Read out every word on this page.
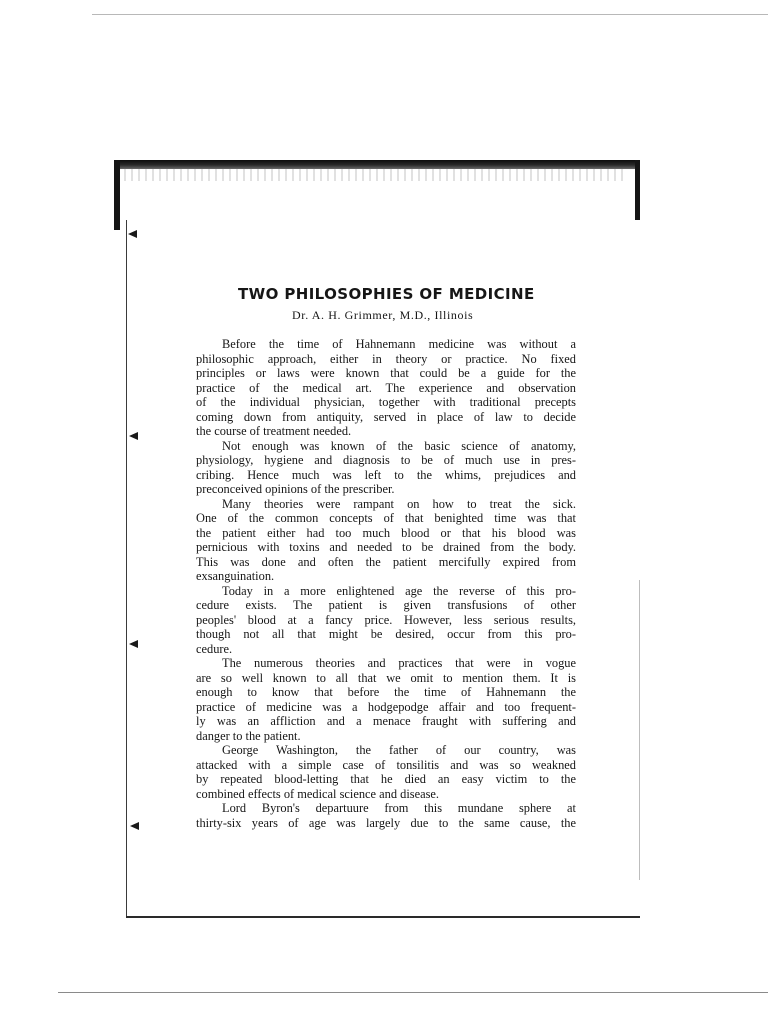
TWO PHILOSOPHIES OF MEDICINE
Dr. A. H. Grimmer, M.D., Illinois
Before the time of Hahnemann medicine was without a
philosophic approach, either in theory or practice. No fixed
principles or laws were known that could be a guide for the
practice of the medical art. The experience and observation
of the individual physician, together with traditional precepts
coming down from antiquity, served in place of law to decide
the course of treatment needed.
Not enough was known of the basic science of anatomy,
physiology, hygiene and diagnosis to be of much use in pres-
cribing. Hence much was left to the whims, prejudices and
preconceived opinions of the prescriber.
Many theories were rampant on how to treat the sick.
One of the common concepts of that benighted time was that
the patient either had too much blood or that his blood was
pernicious with toxins and needed to be drained from the body.
This was done and often the patient mercifully expired from
exsanguination.
Today in a more enlightened age the reverse of this pro-
cedure exists. The patient is given transfusions of other
peoples' blood at a fancy price. However, less serious results,
though not all that might be desired, occur from this pro-
cedure.
The numerous theories and practices that were in vogue
are so well known to all that we omit to mention them. It is
enough to know that before the time of Hahnemann the
practice of medicine was a hodgepodge affair and too frequent-
ly was an affliction and a menace fraught with suffering and
danger to the patient.
George Washington, the father of our country, was
attacked with a simple case of tonsilitis and was so weakned
by repeated blood-letting that he died an easy victim to the
combined effects of medical science and disease.
Lord Byron's departuure from this mundane sphere at
thirty-six years of age was largely due to the same cause, the
